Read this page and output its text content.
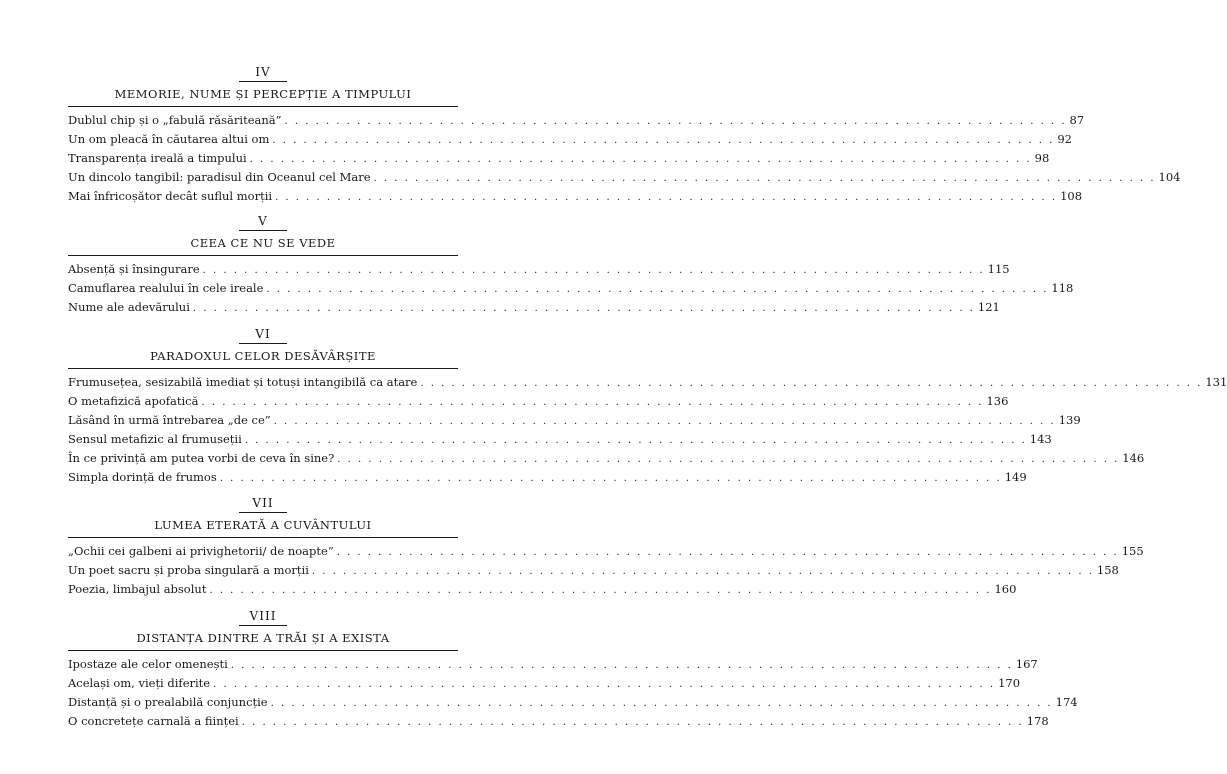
IV
MEMORIE, NUME ȘI PERCEPȚIE A TIMPULUI
Dublul chip și o „fabulă răsăriteană” . . .	87
Un om pleacă în căutarea altui om . . .	92
Transparența ireală a timpului . . .	98
Un dincolo tangibil: paradisul din Oceanul cel Mare . . .	104
Mai înfricoșător decât suflul morții . . .	108
V
CEEA CE NU SE VEDE
Absență și însingurare . . .	115
Camuflarea realului în cele ireale . . .	118
Nume ale adevărului . . .	121
VI
PARADOXUL CELOR DESĂVÂRȘITE
Frumusețea, sesizabilă imediat și totuși intangibilă ca atare . . .	131
O metafizică apofatică . . .	136
Lăsând în urmă întrebarea „de ce” . . .	139
Sensul metafizic al frumuseții . . .	143
În ce privință am putea vorbi de ceva în sine? . . .	146
Simpla dorință de frumos . . .	149
VII
LUMEA ETERATĂ A CUVÂNTULUI
„Ochii cei galbeni ai privighetorii/ de noapte” . . .	155
Un poet sacru și proba singulară a morții . . .	158
Poezia, limbajul absolut . . .	160
VIII
DISTANȚA DINTRE A TRĂI ȘI A EXISTA
Ipostaze ale celor omenești . . .	167
Același om, vieți diferite . . .	170
Distanță și o prealabilă conjuncție . . .	174
O concretețe carnală a ființei . . .	178
